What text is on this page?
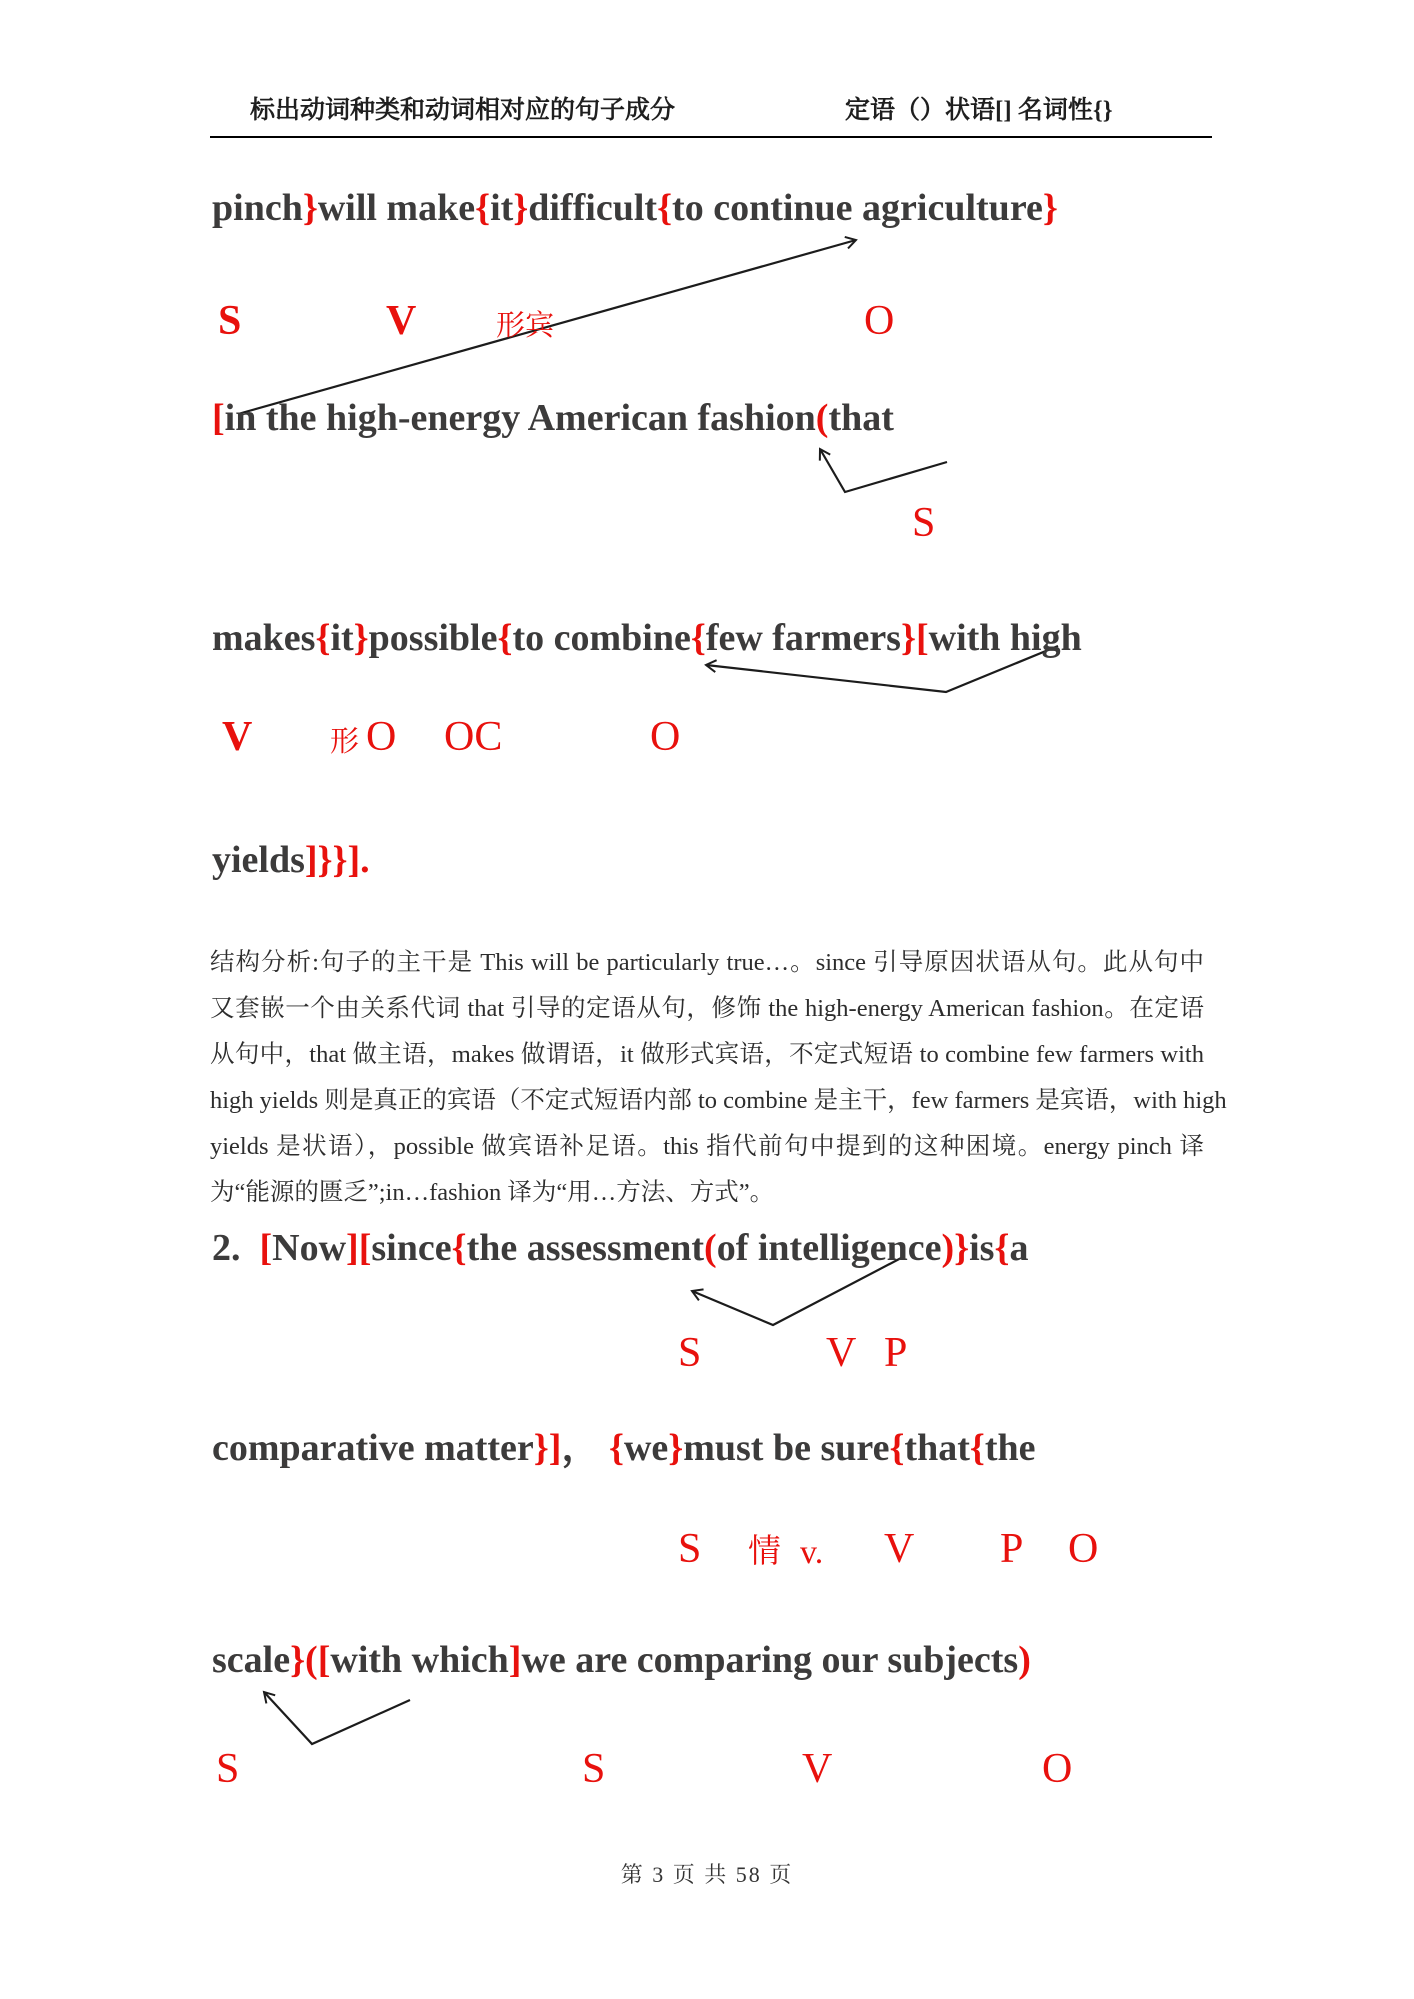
标出动词种类和动词相对应的句子成分	定语（）状语[] 名词性{}
pinch}will make{it}difficult{to continue agriculture}
[in the high-energy American fashion(that
makes{it}possible{to combine{few farmers}[with high
yields]}}].
2.  [Now][since{the assessment(of intelligence)}is{a
comparative matter}]， {we}must be sure{that{the
scale}([with which]we are comparing our subjects)
S	V	形宾	O
S
V	形 O OC	O
S	V P
S 情 v. V P O
S	S	V	O
结构分析:句子的主干是 This will be particularly true…。since 引导原因状语从句。此从句中
又套嵌一个由关系代词 that 引导的定语从句，修饰 the high-energy American fashion。在定语
从句中，that 做主语，makes 做谓语，it 做形式宾语，不定式短语 to combine few farmers with
high yields 则是真正的宾语（不定式短语内部 to combine 是主干，few farmers 是宾语，with high
yields 是状语），possible 做宾语补足语。this 指代前句中提到的这种困境。energy pinch 译
为“能源的匮乏”;in…fashion 译为“用…方法、方式”。
第 3 页 共 58 页
